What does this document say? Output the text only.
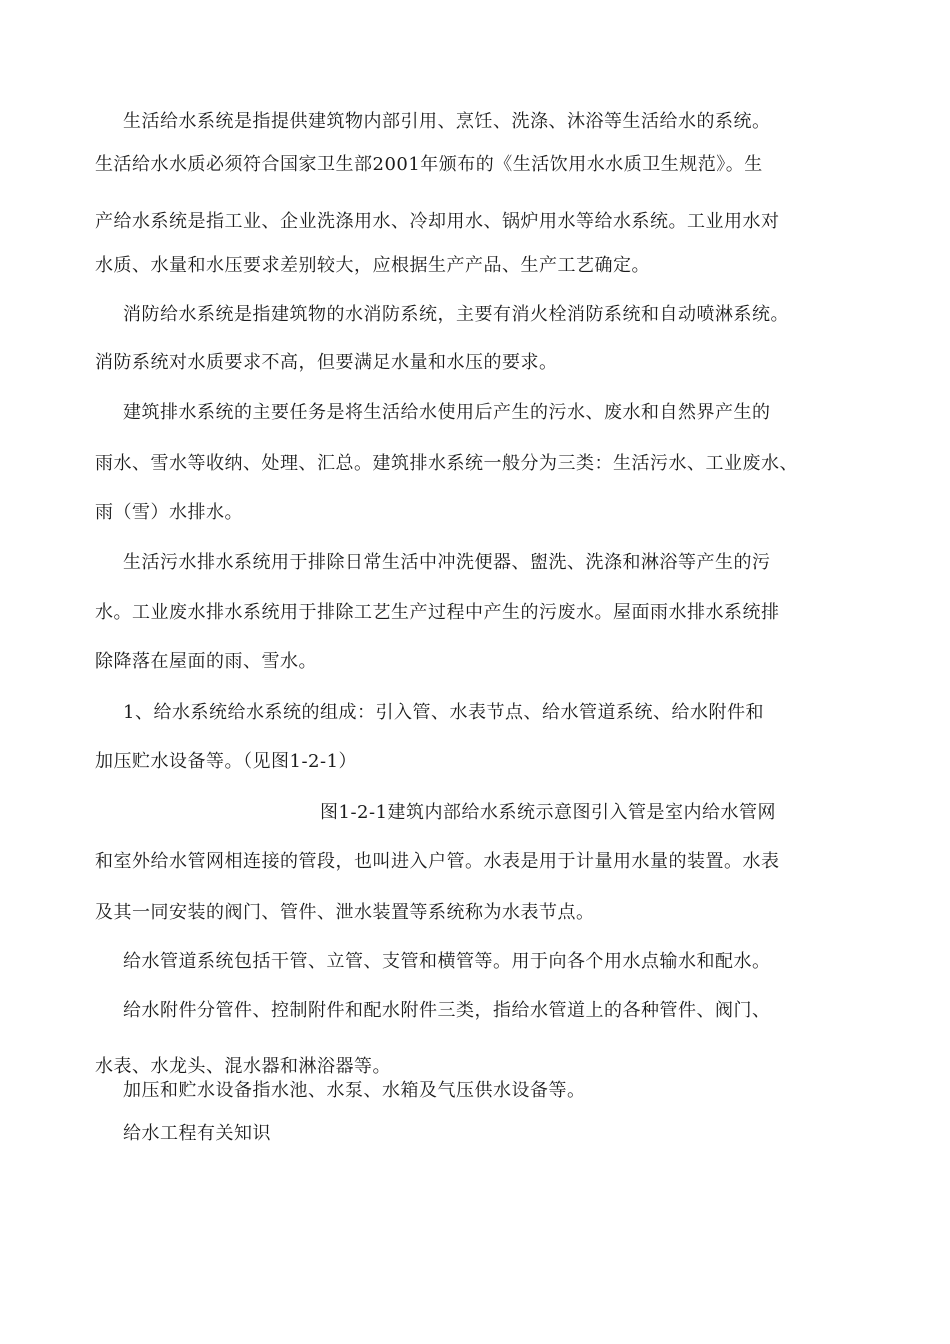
生活给水系统是指提供建筑物内部引用、烹饪、洗涤、沐浴等生活给水的系统。
生活给水水质必须符合国家卫生部2001年颁布的《生活饮用水水质卫生规范》。生
产给水系统是指工业、企业洗涤用水、冷却用水、锅炉用水等给水系统。工业用水对
水质、水量和水压要求差别较大，应根据生产产品、生产工艺确定。
消防给水系统是指建筑物的水消防系统，主要有消火栓消防系统和自动喷淋系统。
消防系统对水质要求不高，但要满足水量和水压的要求。
建筑排水系统的主要任务是将生活给水使用后产生的污水、废水和自然界产生的
雨水、雪水等收纳、处理、汇总。建筑排水系统一般分为三类：生活污水、工业废水、
雨（雪）水排水。
生活污水排水系统用于排除日常生活中冲洗便器、盥洗、洗涤和淋浴等产生的污
水。工业废水排水系统用于排除工艺生产过程中产生的污废水。屋面雨水排水系统排
除降落在屋面的雨、雪水。
1、给水系统给水系统的组成：引入管、水表节点、给水管道系统、给水附件和
加压贮水设备等。（见图1-2-1）
图1-2-1建筑内部给水系统示意图引入管是室内给水管网
和室外给水管网相连接的管段，也叫进入户管。水表是用于计量用水量的装置。水表
及其一同安装的阀门、管件、泄水装置等系统称为水表节点。
给水管道系统包括干管、立管、支管和横管等。用于向各个用水点输水和配水。
给水附件分管件、控制附件和配水附件三类，指给水管道上的各种管件、阀门、
水表、水龙头、混水器和淋浴器等。
加压和贮水设备指水池、水泵、水箱及气压供水设备等。
给水工程有关知识
